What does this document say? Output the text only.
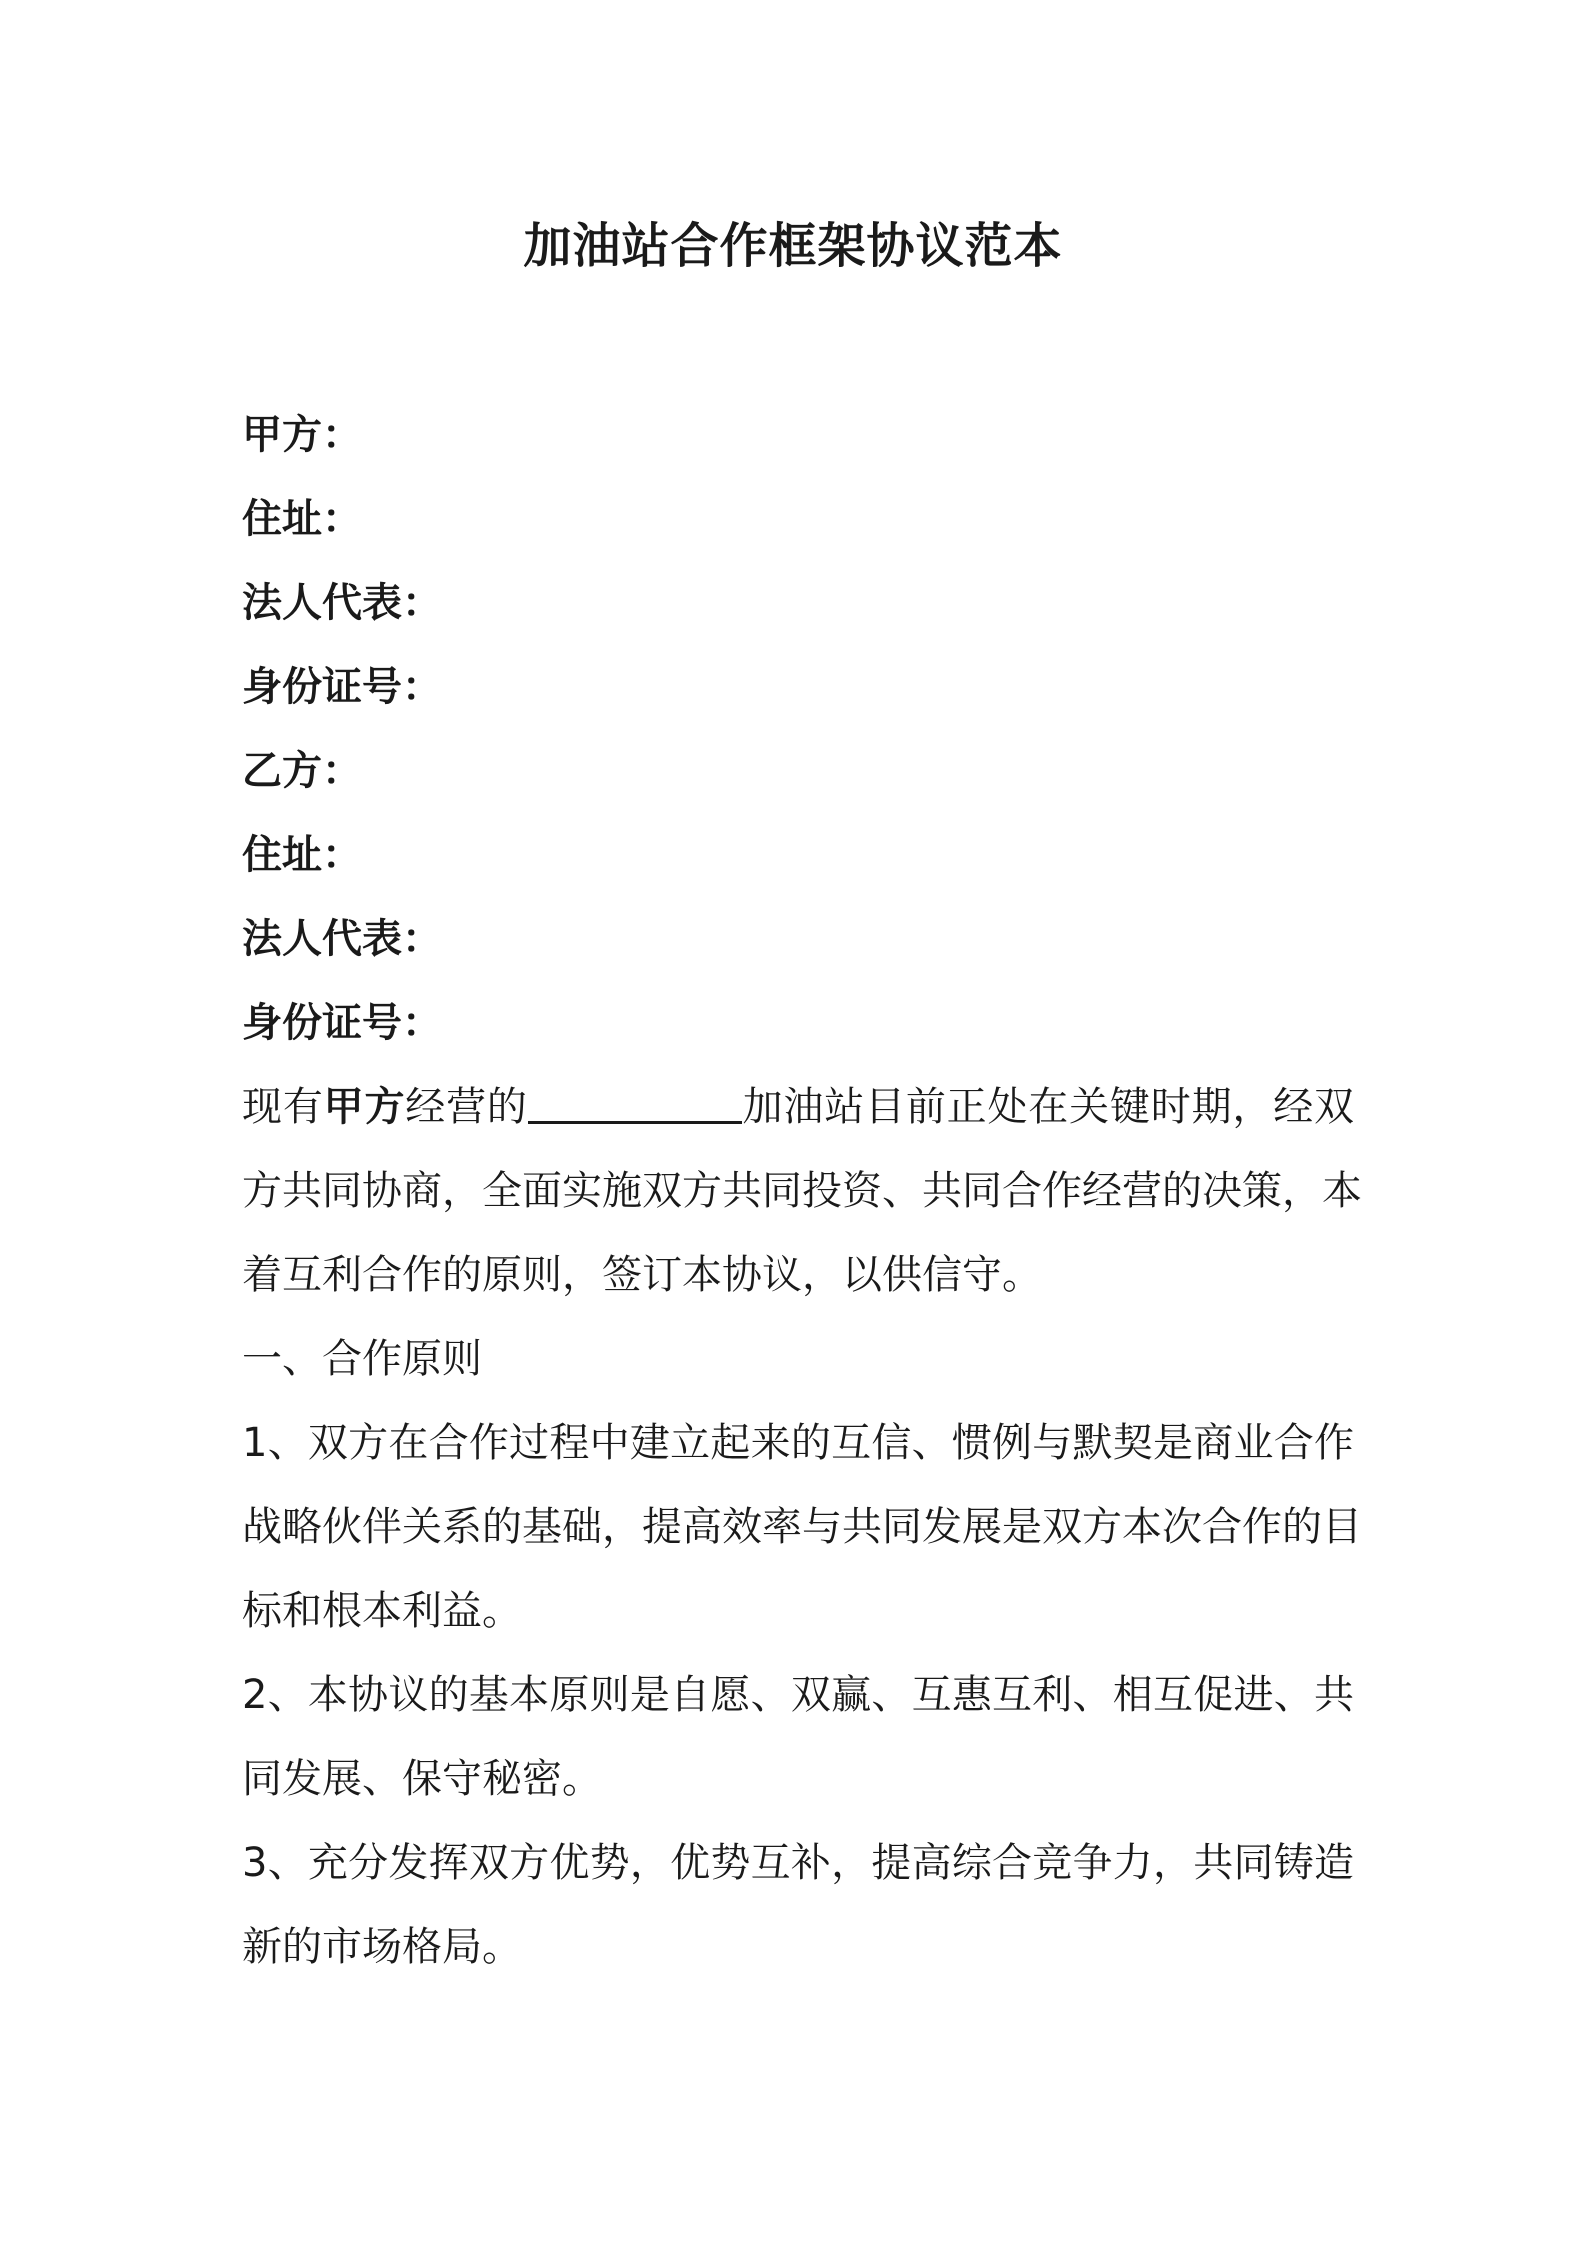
加油站合作框架协议范本
甲方：
住址：
法人代表：
身份证号：
乙方：
住址：
法人代表：
身份证号：
现有甲方经营的	加油站目前正处在关键时期，经双
方共同协商，全面实施双方共同投资、共同合作经营的决策，本
着互利合作的原则，签订本协议，以供信守。
一、合作原则
1、双方在合作过程中建立起来的互信、惯例与默契是商业合作
战略伙伴关系的基础，提高效率与共同发展是双方本次合作的目
标和根本利益。
2、本协议的基本原则是自愿、双赢、互惠互利、相互促进、共
同发展、保守秘密。
3、充分发挥双方优势，优势互补，提高综合竞争力，共同铸造
新的市场格局。
